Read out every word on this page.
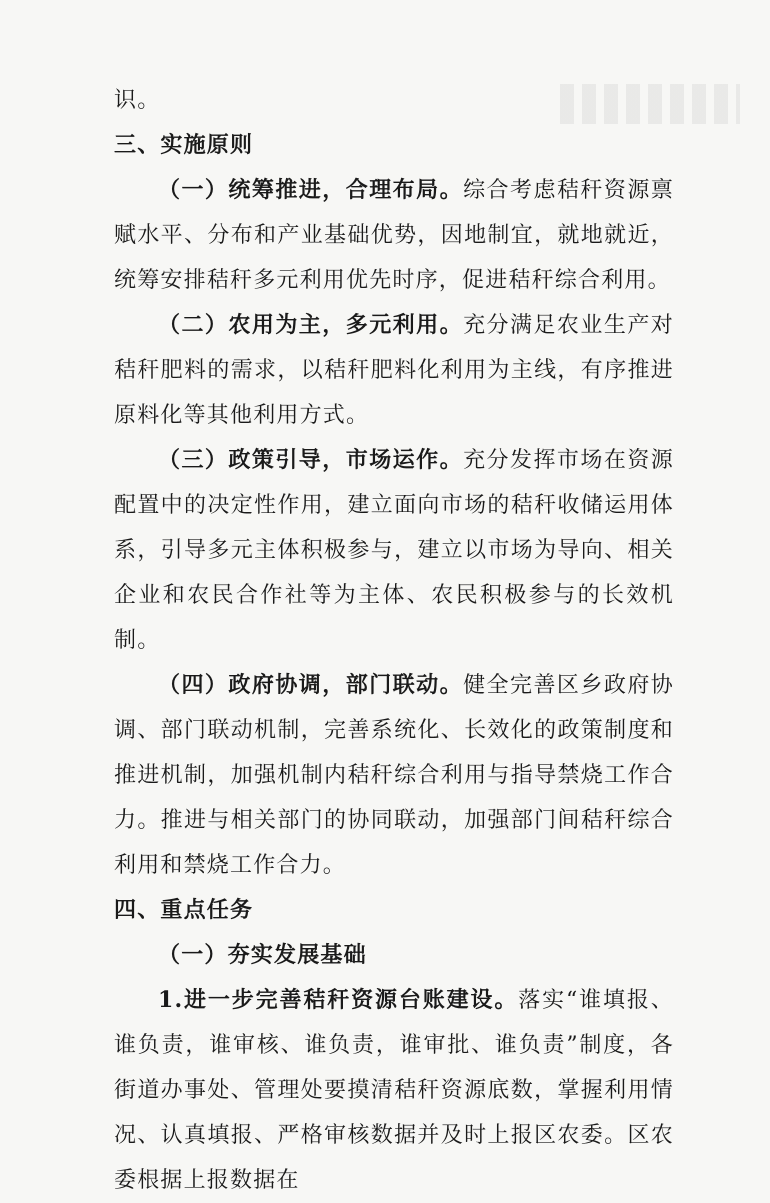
识。
三、实施原则
（一）统筹推进，合理布局。综合考虑秸秆资源禀赋水平、分布和产业基础优势，因地制宜，就地就近，统筹安排秸秆多元利用优先时序，促进秸秆综合利用。
（二）农用为主，多元利用。充分满足农业生产对秸秆肥料的需求，以秸秆肥料化利用为主线，有序推进原料化等其他利用方式。
（三）政策引导，市场运作。充分发挥市场在资源配置中的决定性作用，建立面向市场的秸秆收储运用体系，引导多元主体积极参与，建立以市场为导向、相关企业和农民合作社等为主体、农民积极参与的长效机制。
（四）政府协调，部门联动。健全完善区乡政府协调、部门联动机制，完善系统化、长效化的政策制度和推进机制，加强机制内秸秆综合利用与指导禁烧工作合力。推进与相关部门的协同联动，加强部门间秸秆综合利用和禁烧工作合力。
四、重点任务
（一）夯实发展基础
1.进一步完善秸秆资源台账建设。落实“谁填报、谁负责，谁审核、谁负责，谁审批、谁负责”制度，各街道办事处、管理处要摸清秸秆资源底数，掌握利用情况、认真填报、严格审核数据并及时上报区农委。区农委根据上报数据在
